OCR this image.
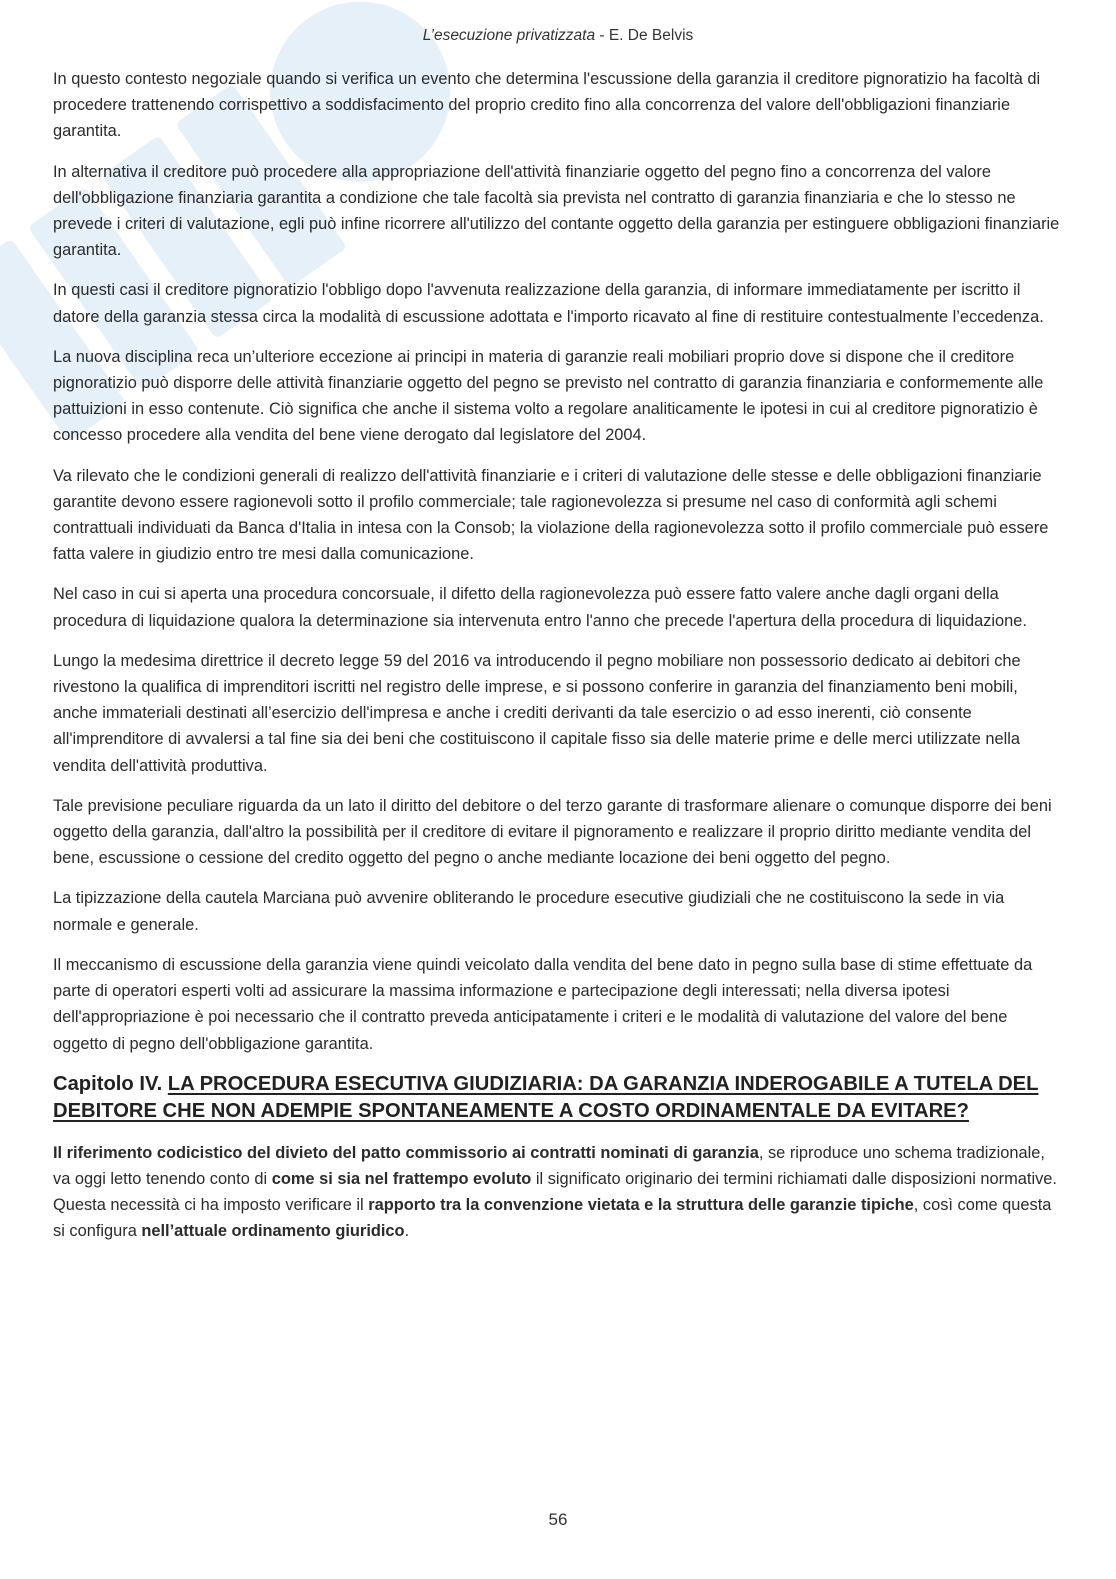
L’esecuzione privatizzata - E. De Belvis

In questo contesto negoziale quando si verifica un evento che determina l'escussione della garanzia il creditore pignoratizio ha facoltà di procedere trattenendo corrispettivo a soddisfacimento del proprio credito fino alla concorrenza del valore dell'obbligazioni finanziarie garantita.

In alternativa il creditore può procedere alla appropriazione dell'attività finanziarie oggetto del pegno fino a concorrenza del valore dell'obbligazione finanziaria garantita a condizione che tale facoltà sia prevista nel contratto di garanzia finanziaria e che lo stesso ne prevede i criteri di valutazione, egli può infine ricorrere all'utilizzo del contante oggetto della garanzia per estinguere obbligazioni finanziarie garantita.

In questi casi il creditore pignoratizio l'obbligo dopo l'avvenuta realizzazione della garanzia, di informare immediatamente per iscritto il datore della garanzia stessa circa la modalità di escussione adottata e l'importo ricavato al fine di restituire contestualmente l’eccedenza.

La nuova disciplina reca un’ulteriore eccezione ai principi in materia di garanzie reali mobiliari proprio dove si dispone che il creditore pignoratizio può disporre delle attività finanziarie oggetto del pegno se previsto nel contratto di garanzia finanziaria e conformemente alle pattuizioni in esso contenute. Ciò significa che anche il sistema volto a regolare analiticamente le ipotesi in cui al creditore pignoratizio è concesso procedere alla vendita del bene viene derogato dal legislatore del 2004.

Va rilevato che le condizioni generali di realizzo dell'attività finanziarie e i criteri di valutazione delle stesse e delle obbligazioni finanziarie garantite devono essere ragionevoli sotto il profilo commerciale; tale ragionevolezza si presume nel caso di conformità agli schemi contrattuali individuati da Banca d'Italia in intesa con la Consob; la violazione della ragionevolezza sotto il profilo commerciale può essere fatta valere in giudizio entro tre mesi dalla comunicazione.

Nel caso in cui si aperta una procedura concorsuale, il difetto della ragionevolezza può essere fatto valere anche dagli organi della procedura di liquidazione qualora la determinazione sia intervenuta entro l'anno che precede l'apertura della procedura di liquidazione.

Lungo la medesima direttrice il decreto legge 59 del 2016 va introducendo il pegno mobiliare non possessorio dedicato ai debitori che rivestono la qualifica di imprenditori iscritti nel registro delle imprese, e si possono conferire in garanzia del finanziamento beni mobili, anche immateriali destinati all’esercizio dell'impresa e anche i crediti derivanti da tale esercizio o ad esso inerenti, ciò consente all'imprenditore di avvalersi a tal fine sia dei beni che costituiscono il capitale fisso sia delle materie prime e delle merci utilizzate nella vendita dell'attività produttiva.

Tale previsione peculiare riguarda da un lato il diritto del debitore o del terzo garante di trasformare alienare o comunque disporre dei beni oggetto della garanzia, dall'altro la possibilità per il creditore di evitare il pignoramento e realizzare il proprio diritto mediante vendita del bene, escussione o cessione del credito oggetto del pegno o anche mediante locazione dei beni oggetto del pegno.

La tipizzazione della cautela Marciana può avvenire obliterando le procedure esecutive giudiziali che ne costituiscono la sede in via normale e generale.

Il meccanismo di escussione della garanzia viene quindi veicolato dalla vendita del bene dato in pegno sulla base di stime effettuate da parte di operatori esperti volti ad assicurare la massima informazione e partecipazione degli interessati; nella diversa ipotesi dell'appropriazione è poi necessario che il contratto preveda anticipatamente i criteri e le modalità di valutazione del valore del bene oggetto di pegno dell'obbligazione garantita.

Capitolo IV. LA PROCEDURA ESECUTIVA GIUDIZIARIA: DA GARANZIA INDEROGABILE A TUTELA DEL DEBITORE CHE NON ADEMPIE SPONTANEAMENTE A COSTO ORDINAMENTALE DA EVITARE?

Il riferimento codicistico del divieto del patto commissorio ai contratti nominati di garanzia, se riproduce uno schema tradizionale, va oggi letto tenendo conto di come si sia nel frattempo evoluto il significato originario dei termini richiamati dalle disposizioni normative. Questa necessità ci ha imposto verificare il rapporto tra la convenzione vietata e la struttura delle garanzie tipiche, così come questa si configura nell’attuale ordinamento giuridico.

56
